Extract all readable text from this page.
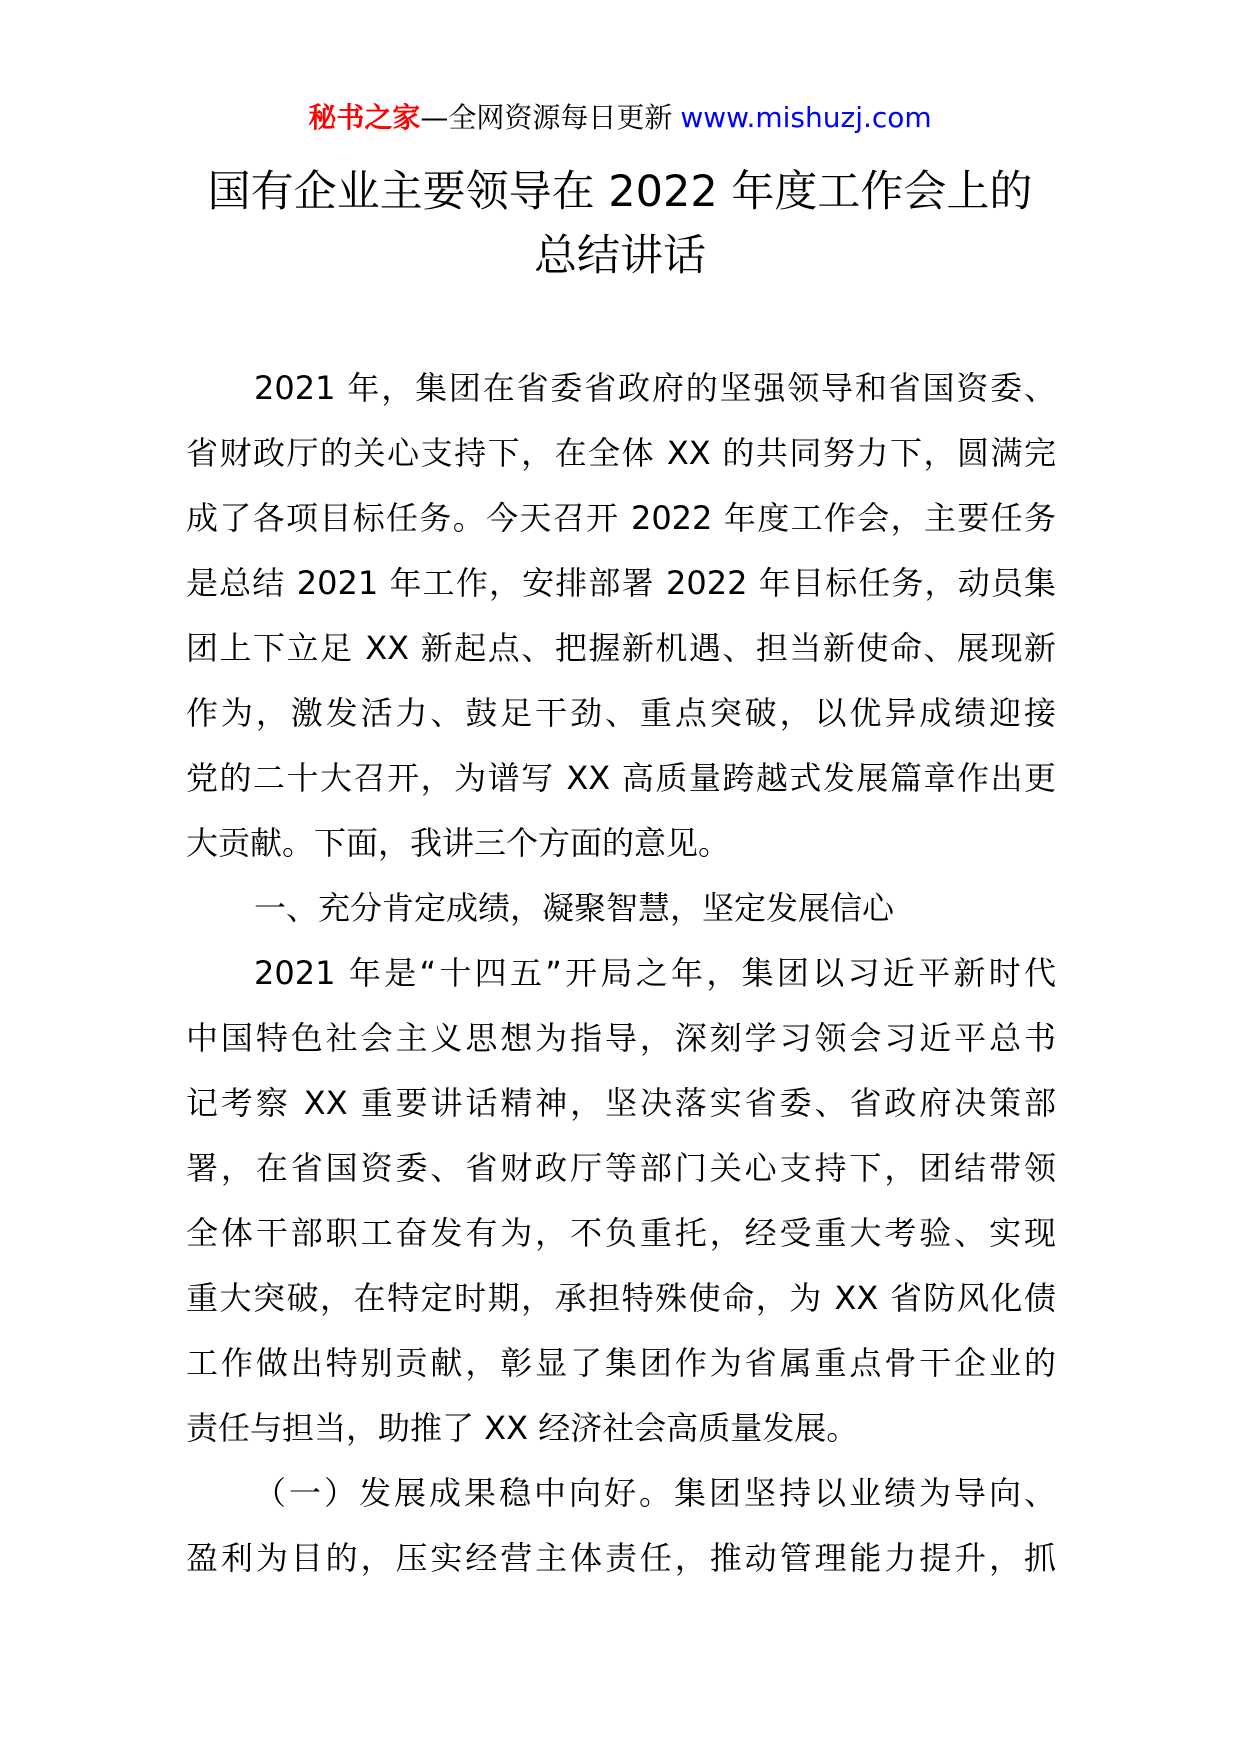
秘书之家—全网资源每日更新 www.mishuzj.com
国有企业主要领导在 2022 年度工作会上的
总结讲话

2021 年，集团在省委省政府的坚强领导和省国资委、

省财政厅的关心支持下，在全体 XX 的共同努力下，圆满完

成了各项目标任务。今天召开 2022 年度工作会，主要任务

是总结 2021 年工作，安排部署 2022 年目标任务，动员集

团上下立足 XX 新起点、把握新机遇、担当新使命、展现新

作为，激发活力、鼓足干劲、重点突破，以优异成绩迎接

党的二十大召开，为谱写 XX 高质量跨越式发展篇章作出更

大贡献。下面，我讲三个方面的意见。

一、充分肯定成绩，凝聚智慧，坚定发展信心

2021 年是“十四五”开局之年，集团以习近平新时代

中国特色社会主义思想为指导，深刻学习领会习近平总书

记考察 XX 重要讲话精神，坚决落实省委、省政府决策部

署，在省国资委、省财政厅等部门关心支持下，团结带领

全体干部职工奋发有为，不负重托，经受重大考验、实现

重大突破，在特定时期，承担特殊使命，为 XX 省防风化债

工作做出特别贡献，彰显了集团作为省属重点骨干企业的

责任与担当，助推了 XX 经济社会高质量发展。

（一）发展成果稳中向好。集团坚持以业绩为导向、

盈利为目的，压实经营主体责任，推动管理能力提升，抓
